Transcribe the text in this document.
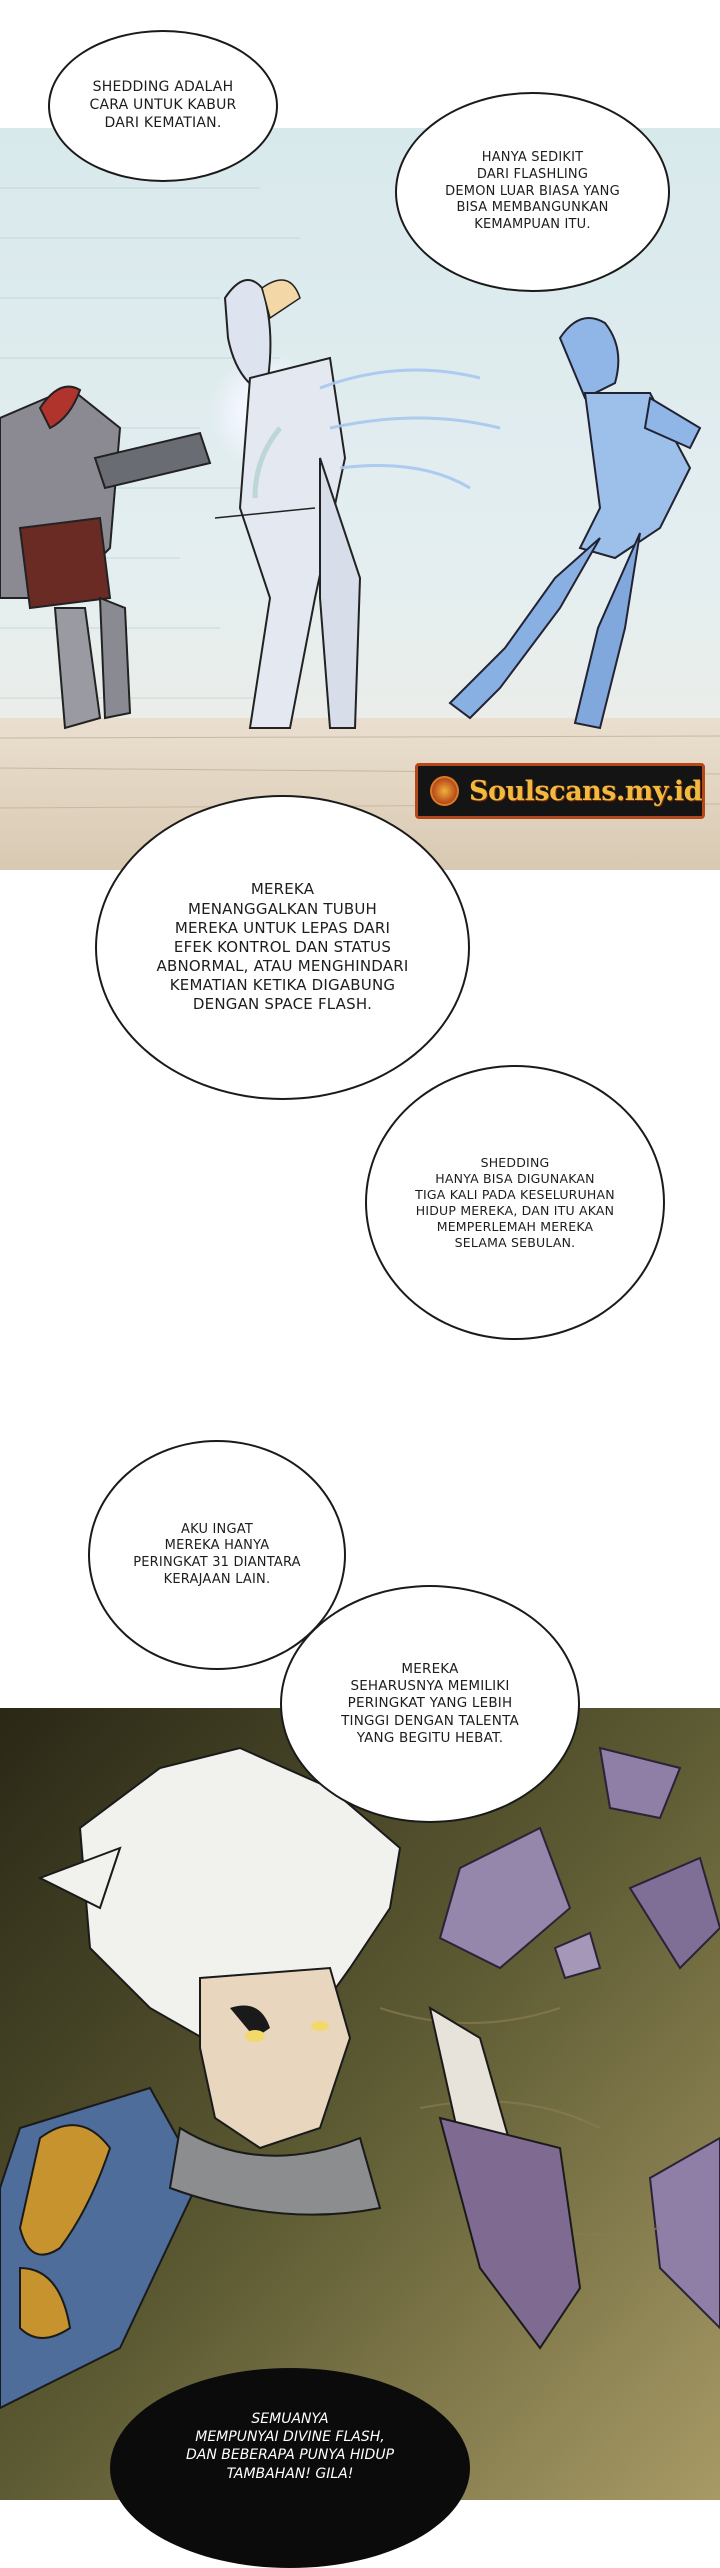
Soulscans.my.id
SHEDDING ADALAH
CARA UNTUK KABUR
DARI KEMATIAN.
HANYA SEDIKIT
DARI FLASHLING
DEMON LUAR BIASA YANG
BISA MEMBANGUNKAN
KEMAMPUAN ITU.
MEREKA
MENANGGALKAN TUBUH
MEREKA UNTUK LEPAS DARI
EFEK KONTROL DAN STATUS
ABNORMAL, ATAU MENGHINDARI
KEMATIAN KETIKA DIGABUNG
DENGAN SPACE FLASH.
SHEDDING
HANYA BISA DIGUNAKAN
TIGA KALI PADA KESELURUHAN
HIDUP MEREKA, DAN ITU AKAN
MEMPERLEMAH MEREKA
SELAMA SEBULAN.
AKU INGAT
MEREKA HANYA
PERINGKAT 31 DIANTARA
KERAJAAN LAIN.
MEREKA
SEHARUSNYA MEMILIKI
PERINGKAT YANG LEBIH
TINGGI DENGAN TALENTA
YANG BEGITU HEBAT.
SEMUANYA
MEMPUNYAI DIVINE FLASH,
DAN BEBERAPA PUNYA HIDUP
TAMBAHAN! GILA!
